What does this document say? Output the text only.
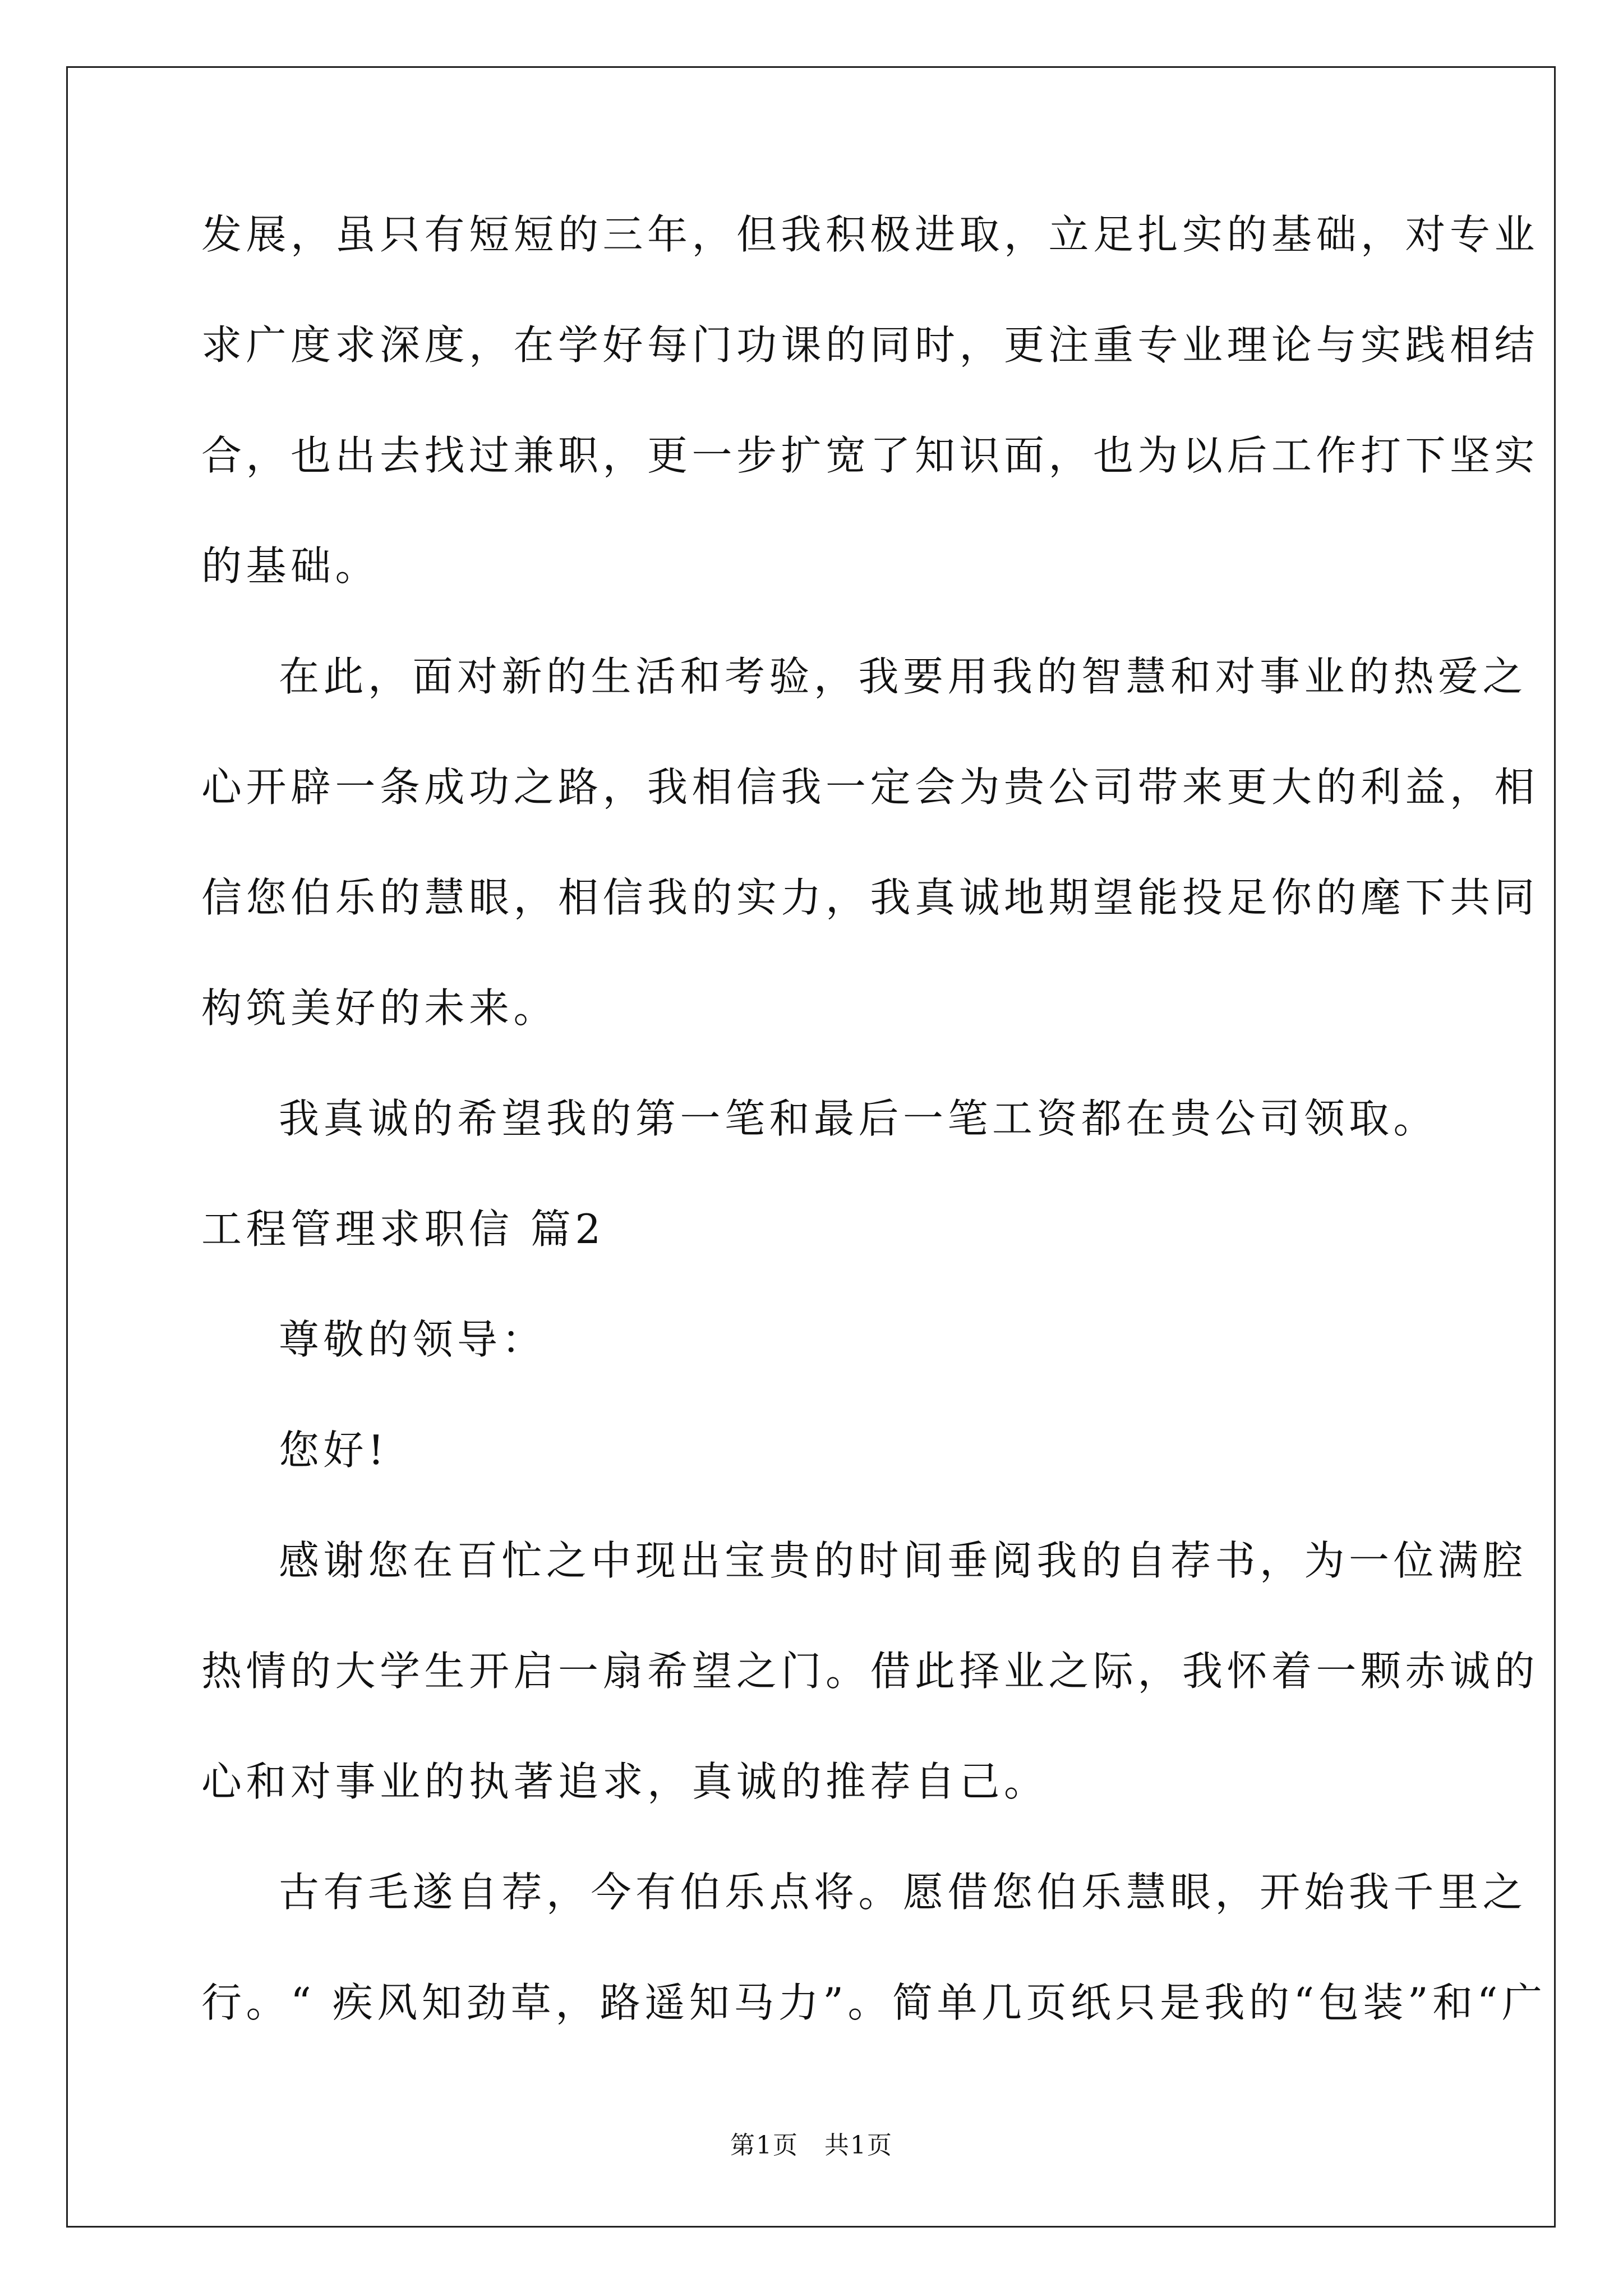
发展，虽只有短短的三年，但我积极进取，立足扎实的基础，对专业
求广度求深度，在学好每门功课的同时，更注重专业理论与实践相结
合，也出去找过兼职，更一步扩宽了知识面，也为以后工作打下坚实
的基础。
在此，面对新的生活和考验，我要用我的智慧和对事业的热爱之
心开辟一条成功之路，我相信我一定会为贵公司带来更大的利益，相
信您伯乐的慧眼，相信我的实力，我真诚地期望能投足你的麾下共同
构筑美好的未来。
我真诚的希望我的第一笔和最后一笔工资都在贵公司领取。
工程管理求职信 篇2
尊敬的领导：
您好!
感谢您在百忙之中现出宝贵的时间垂阅我的自荐书，为一位满腔
热情的大学生开启一扇希望之门。借此择业之际，我怀着一颗赤诚的
心和对事业的执著追求，真诚的推荐自己。
古有毛遂自荐，今有伯乐点将。愿借您伯乐慧眼，开始我千里之
行。“ 疾风知劲草，路遥知马力”。简单几页纸只是我的“包装”和“广
第1页　共1页
